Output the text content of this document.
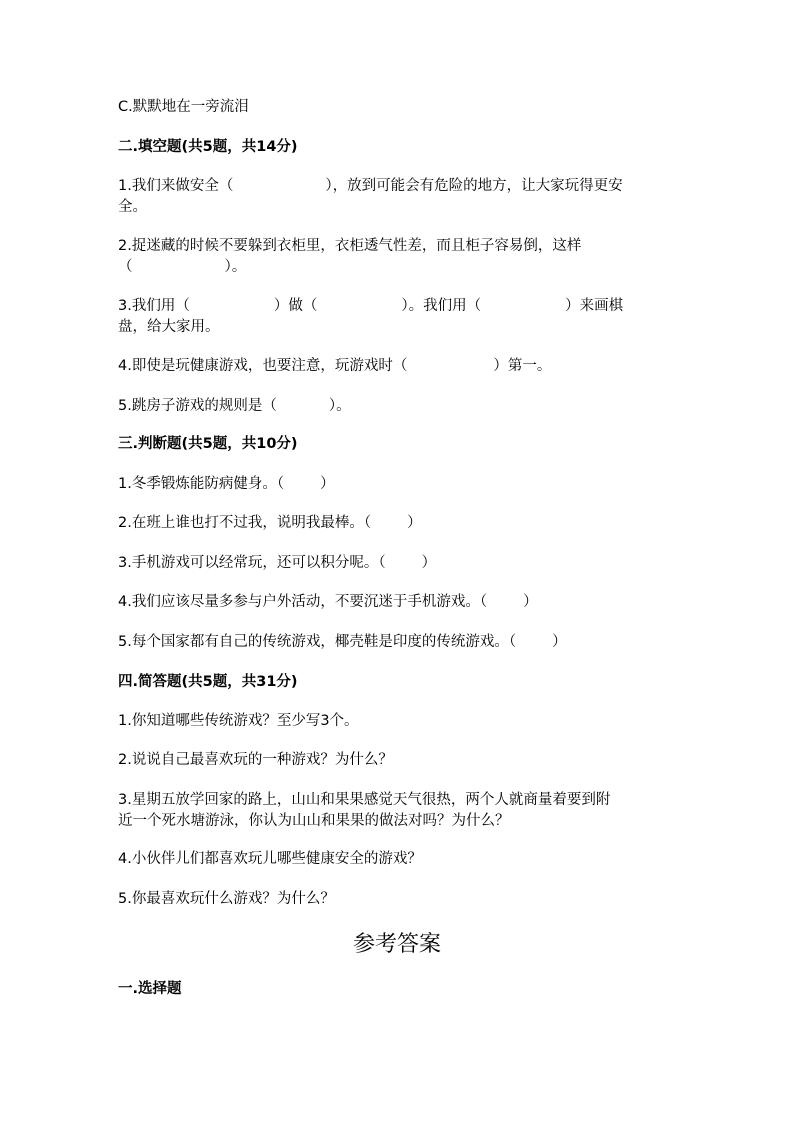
C.默默地在一旁流泪
二.填空题(共5题，共14分)
1.我们来做安全（	），放到可能会有危险的地方，让大家玩得更安
全。
2.捉迷藏的时候不要躲到衣柜里，衣柜透气性差，而且柜子容易倒，这样
（	）。
3.我们用（	）做（	）。我们用（	）来画棋
盘，给大家用。
4.即使是玩健康游戏，也要注意，玩游戏时（	）第一。
5.跳房子游戏的规则是（	）。
三.判断题(共5题，共10分)
1.冬季锻炼能防病健身。（ ）
2.在班上谁也打不过我，说明我最棒。（ ）
3.手机游戏可以经常玩，还可以积分呢。（ ）
4.我们应该尽量多参与户外活动，不要沉迷于手机游戏。（ ）
5.每个国家都有自己的传统游戏，椰壳鞋是印度的传统游戏。（ ）
四.简答题(共5题，共31分)
1.你知道哪些传统游戏？至少写3个。
2.说说自己最喜欢玩的一种游戏？为什么？
3.星期五放学回家的路上，山山和果果感觉天气很热，两个人就商量着要到附
近一个死水塘游泳，你认为山山和果果的做法对吗？为什么？
4.小伙伴儿们都喜欢玩儿哪些健康安全的游戏？
5.你最喜欢玩什么游戏？为什么？
参考答案
一.选择题
